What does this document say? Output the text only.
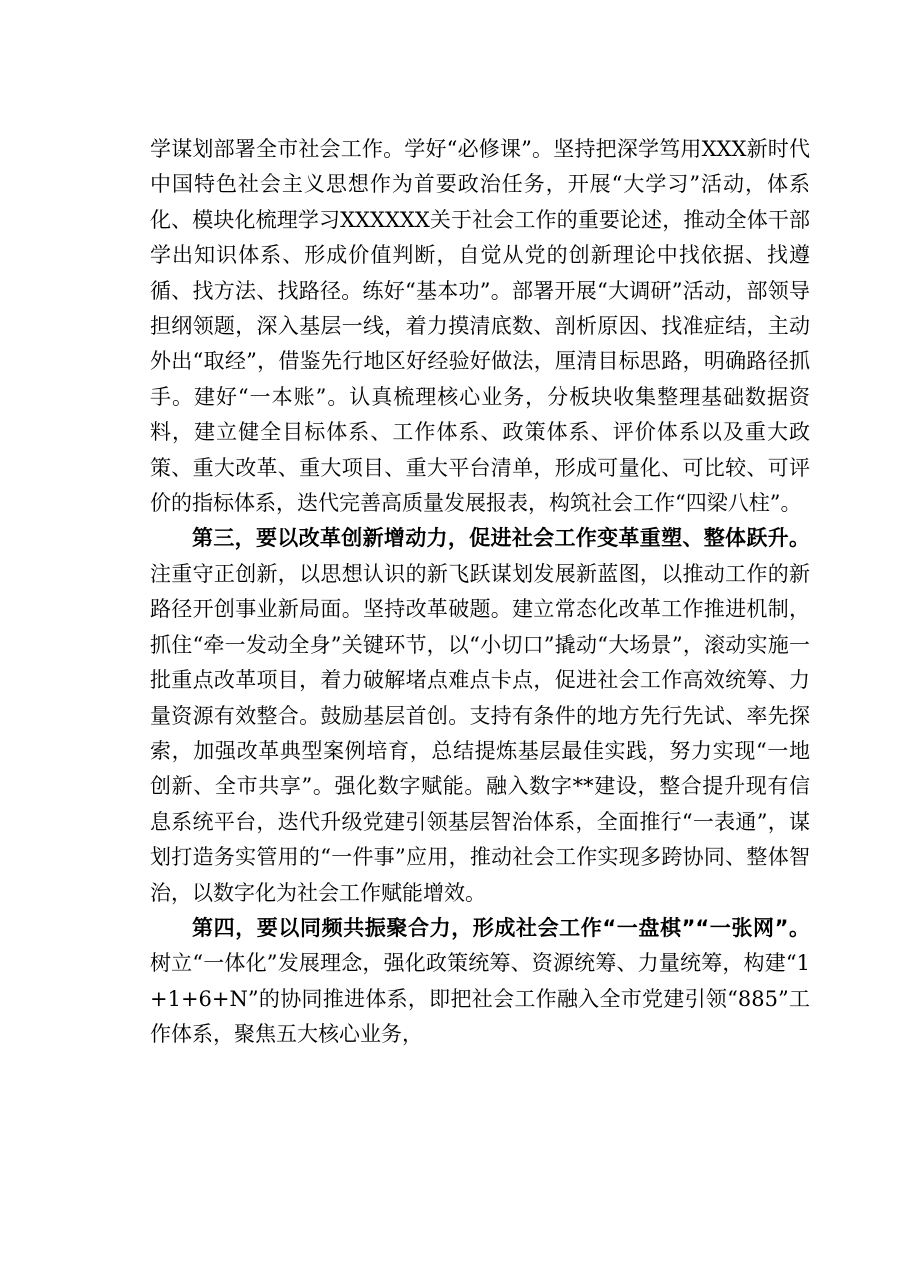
学谋划部署全市社会工作。学好“必修课”。坚持把深学笃用XXX新时代中国特色社会主义思想作为首要政治任务，开展“大学习”活动，体系化、模块化梳理学习XXXXXX关于社会工作的重要论述，推动全体干部学出知识体系、形成价值判断，自觉从党的创新理论中找依据、找遵循、找方法、找路径。练好“基本功”。部署开展“大调研”活动，部领导担纲领题，深入基层一线，着力摸清底数、剖析原因、找准症结，主动外出“取经”，借鉴先行地区好经验好做法，厘清目标思路，明确路径抓手。建好“一本账”。认真梳理核心业务，分板块收集整理基础数据资料，建立健全目标体系、工作体系、政策体系、评价体系以及重大政策、重大改革、重大项目、重大平台清单，形成可量化、可比较、可评价的指标体系，迭代完善高质量发展报表，构筑社会工作“四梁八柱”。

第三，要以改革创新增动力，促进社会工作变革重塑、整体跃升。注重守正创新，以思想认识的新飞跃谋划发展新蓝图，以推动工作的新路径开创事业新局面。坚持改革破题。建立常态化改革工作推进机制，抓住“牵一发动全身”关键环节，以“小切口”撬动“大场景”，滚动实施一批重点改革项目，着力破解堵点难点卡点，促进社会工作高效统筹、力量资源有效整合。鼓励基层首创。支持有条件的地方先行先试、率先探索，加强改革典型案例培育，总结提炼基层最佳实践，努力实现“一地创新、全市共享”。强化数字赋能。融入数字**建设，整合提升现有信息系统平台，迭代升级党建引领基层智治体系，全面推行“一表通”，谋划打造务实管用的“一件事”应用，推动社会工作实现多跨协同、整体智治，以数字化为社会工作赋能增效。

第四，要以同频共振聚合力，形成社会工作“一盘棋”“一张网”。树立“一体化”发展理念，强化政策统筹、资源统筹、力量统筹，构建“1+1+6+N”的协同推进体系，即把社会工作融入全市党建引领“885”工作体系，聚焦五大核心业务，
